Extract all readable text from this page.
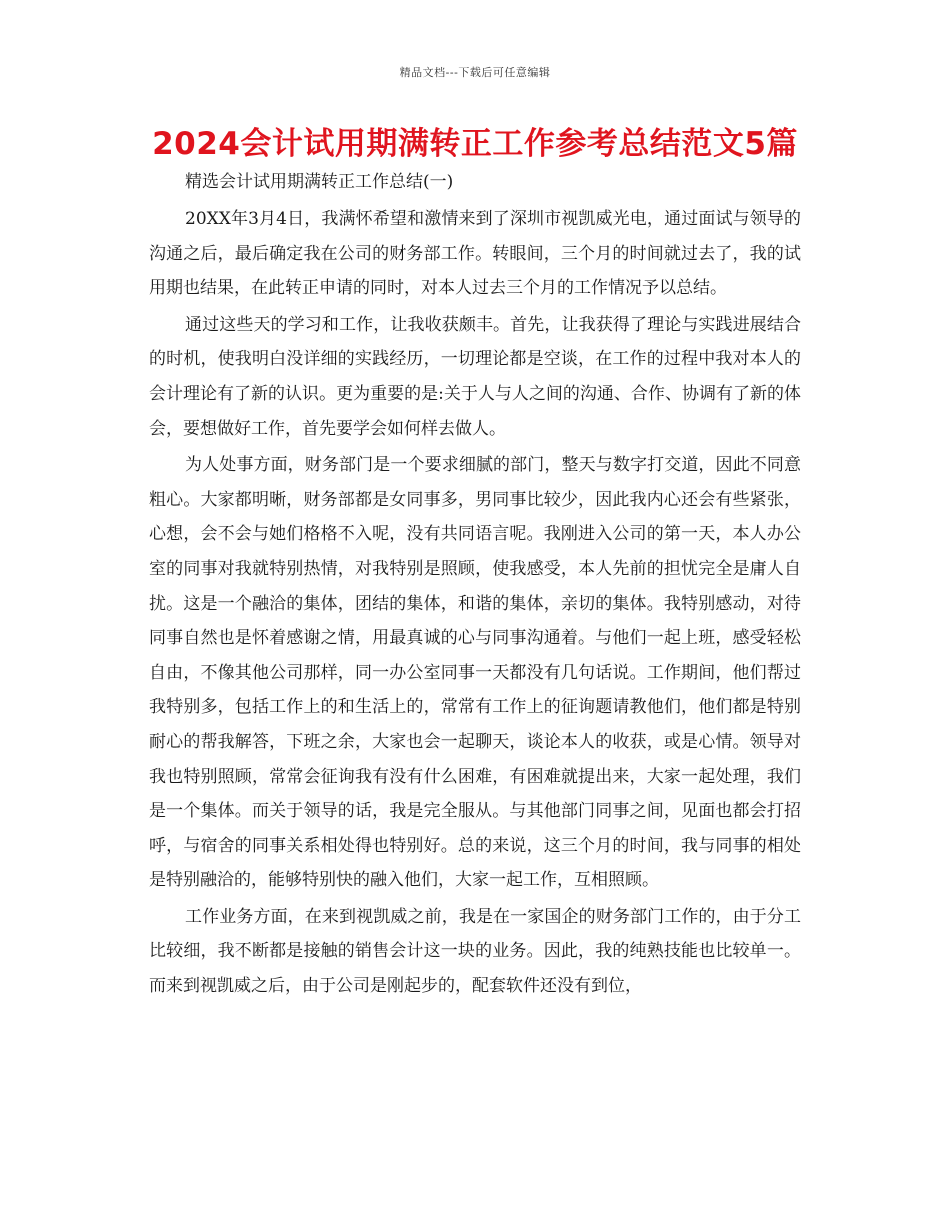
精品文档---下载后可任意编辑
2024会计试用期满转正工作参考总结范文5篇
精选会计试用期满转正工作总结(一)

20XX年3月4日，我满怀希望和激情来到了深圳市视凯威光电，通过面试与领导的沟通之后，最后确定我在公司的财务部工作。转眼间，三个月的时间就过去了，我的试用期也结果，在此转正申请的同时，对本人过去三个月的工作情况予以总结。

通过这些天的学习和工作，让我收获颇丰。首先，让我获得了理论与实践进展结合的时机，使我明白没详细的实践经历，一切理论都是空谈，在工作的过程中我对本人的会计理论有了新的认识。更为重要的是:关于人与人之间的沟通、合作、协调有了新的体会，要想做好工作，首先要学会如何样去做人。

为人处事方面，财务部门是一个要求细腻的部门，整天与数字打交道，因此不同意粗心。大家都明晰，财务部都是女同事多，男同事比较少，因此我内心还会有些紧张，心想，会不会与她们格格不入呢，没有共同语言呢。我刚进入公司的第一天，本人办公室的同事对我就特别热情，对我特别是照顾，使我感受，本人先前的担忧完全是庸人自扰。这是一个融洽的集体，团结的集体，和谐的集体，亲切的集体。我特别感动，对待同事自然也是怀着感谢之情，用最真诚的心与同事沟通着。与他们一起上班，感受轻松自由，不像其他公司那样，同一办公室同事一天都没有几句话说。工作期间，他们帮过我特别多，包括工作上的和生活上的，常常有工作上的征询题请教他们，他们都是特别耐心的帮我解答，下班之余，大家也会一起聊天，谈论本人的收获，或是心情。领导对我也特别照顾，常常会征询我有没有什么困难，有困难就提出来，大家一起处理，我们是一个集体。而关于领导的话，我是完全服从。与其他部门同事之间，见面也都会打招呼，与宿舍的同事关系相处得也特别好。总的来说，这三个月的时间，我与同事的相处是特别融洽的，能够特别快的融入他们，大家一起工作，互相照顾。

工作业务方面，在来到视凯威之前，我是在一家国企的财务部门工作的，由于分工比较细，我不断都是接触的销售会计这一块的业务。因此，我的纯熟技能也比较单一。而来到视凯威之后，由于公司是刚起步的，配套软件还没有到位，
